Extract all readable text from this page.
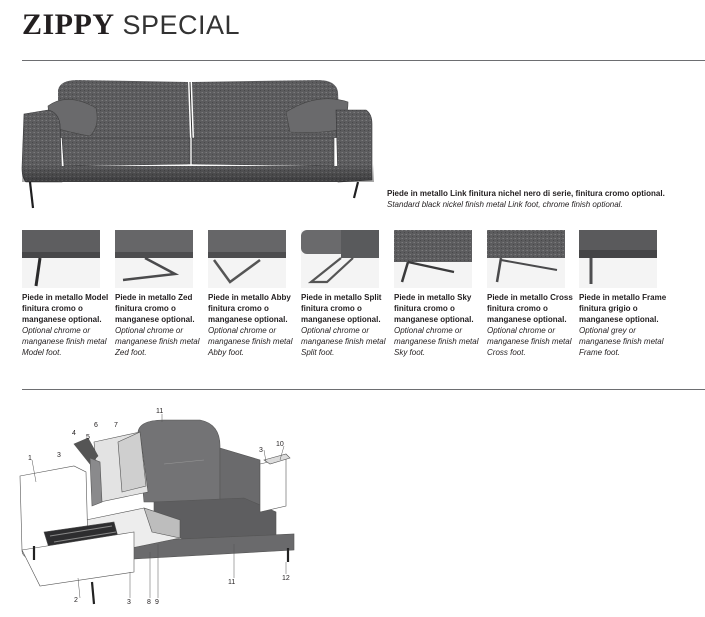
ZIPPY SPECIAL
Piede in metallo Link finitura nichel nero di serie, finitura cromo optional.
Standard black nickel finish metal Link foot, chrome finish optional.
Piede in metallo Model finitura cromo o manganese optional.
Optional chrome or manganese finish metal Model foot.
Piede in metallo Zed finitura cromo o manganese optional.
Optional chrome or manganese finish metal Zed foot.
Piede in metallo Abby finitura cromo o manganese optional.
Optional chrome or manganese finish metal Abby foot.
Piede in metallo Split finitura cromo o manganese optional.
Optional chrome or manganese finish metal Split foot.
Piede in metallo Sky finitura cromo o manganese optional.
Optional chrome or manganese finish metal Sky foot.
Piede in metallo Cross finitura cromo o manganese optional.
Optional chrome or manganese finish metal Cross foot.
Piede in metallo Frame finitura grigio o manganese optional.
Optional grey or manganese finish metal Frame foot.
1
2
3
3
3
4
5
6 7
8 9
10
11
11
12
